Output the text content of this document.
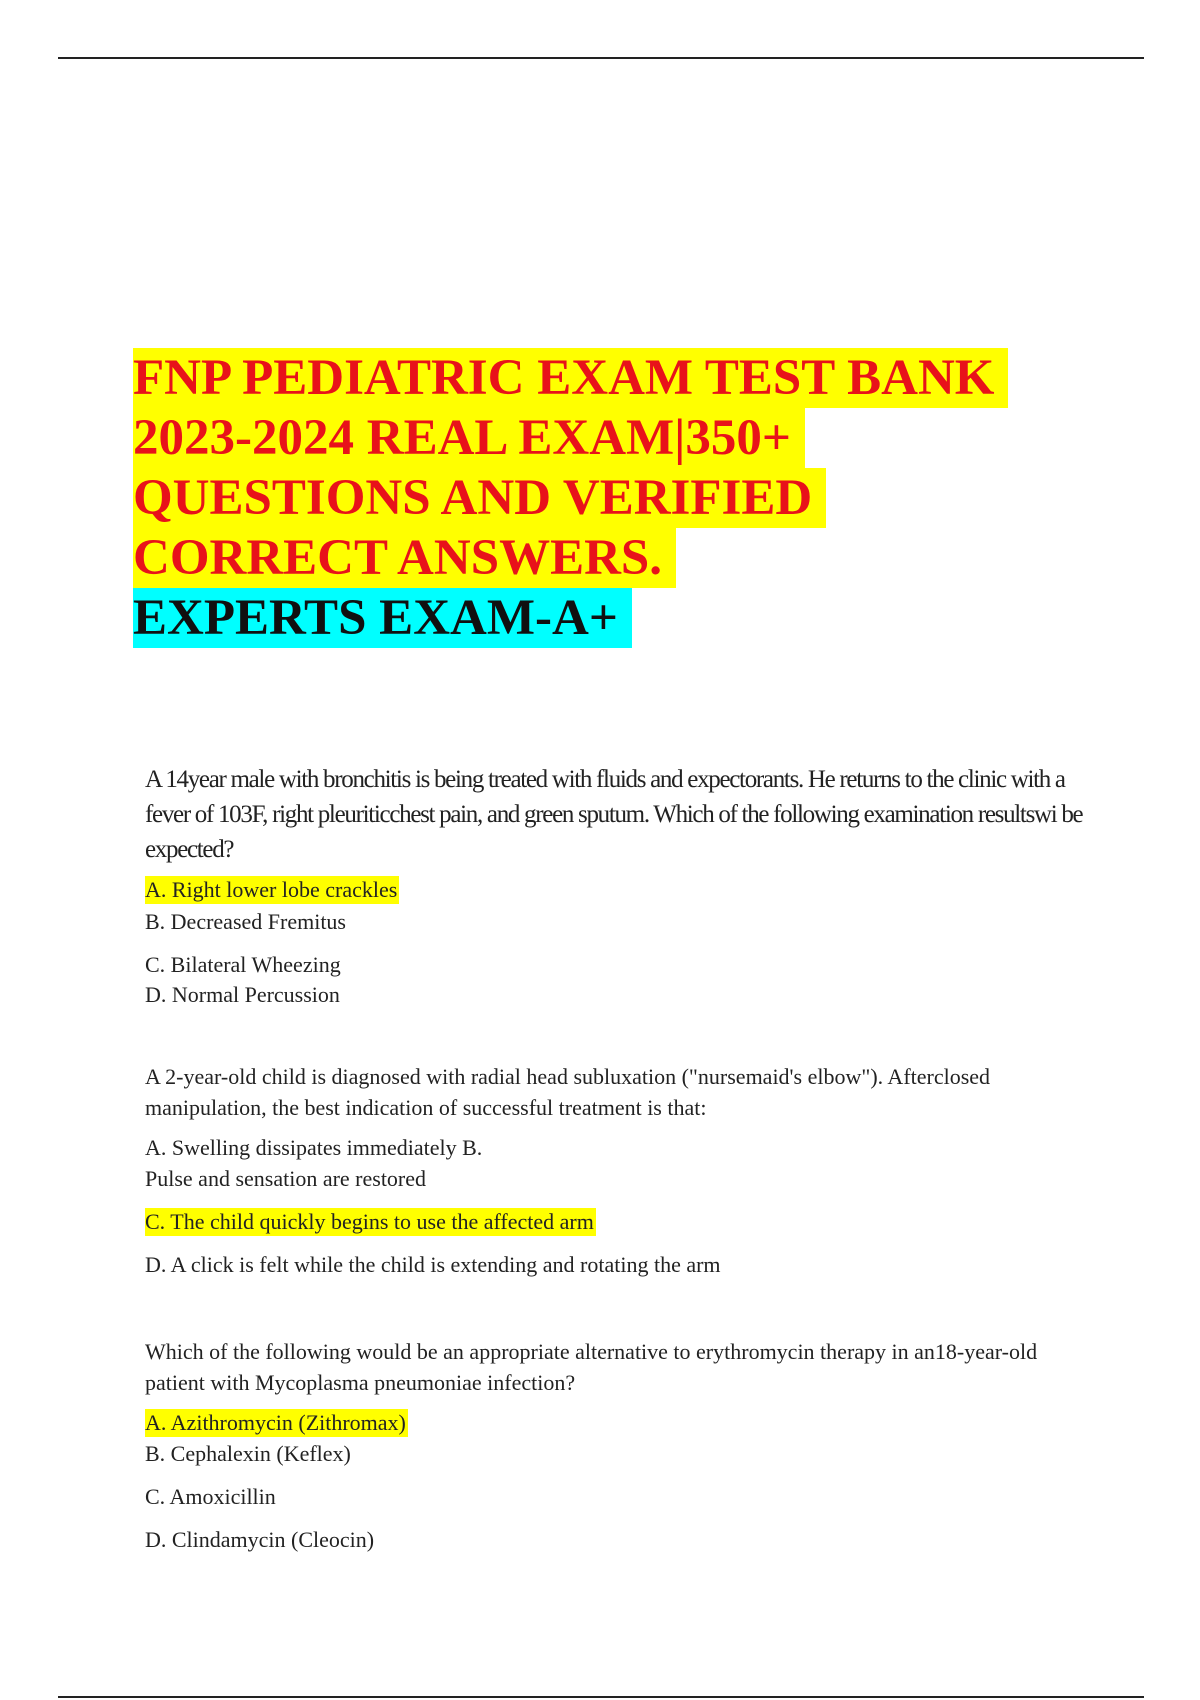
FNP PEDIATRIC EXAM TEST BANK
2023-2024 REAL EXAM|350+
QUESTIONS AND VERIFIED
CORRECT ANSWERS.
EXPERTS EXAM-A+

A 14year male with bronchitis is being treated with fluids and expectorants. He returns to the clinic with a fever of 103F, right pleuriticchest pain, and green sputum. Which of the following examination resultswi be expected?

A. Right lower lobe crackles
B. Decreased Fremitus
C. Bilateral Wheezing
D. Normal Percussion

A 2-year-old child is diagnosed with radial head subluxation ("nursemaid's elbow"). Afterclosed manipulation, the best indication of successful treatment is that:

A. Swelling dissipates immediately B.
Pulse and sensation are restored
C. The child quickly begins to use the affected arm
D. A click is felt while the child is extending and rotating the arm

Which of the following would be an appropriate alternative to erythromycin therapy in an18-year-old patient with Mycoplasma pneumoniae infection?

A. Azithromycin (Zithromax)
B. Cephalexin (Keflex)
C. Amoxicillin
D. Clindamycin (Cleocin)
